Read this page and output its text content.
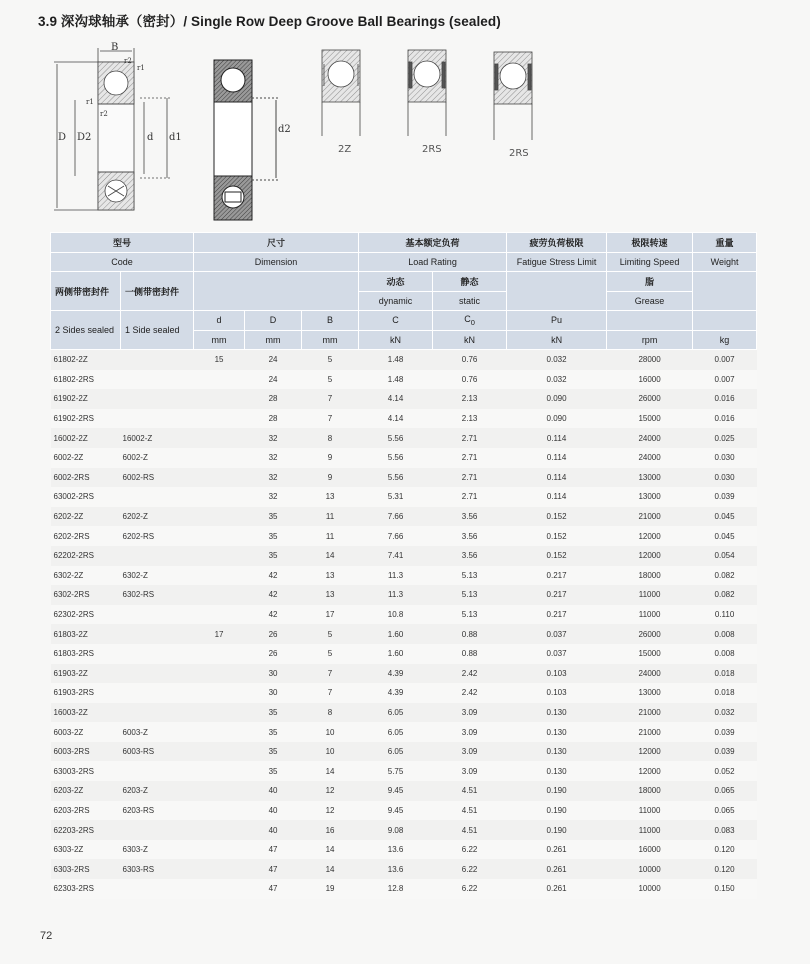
3.9 深沟球轴承（密封）/ Single Row Deep Groove Ball Bearings (sealed)
B
r2
r1
r1
r2
D D2	d d1
d2
2Z	2RS	2RS
型号		尺寸			基本额定负荷		疲劳负荷极限	极限转速	重量
Code		Dimension			Load Rating		Fatigue Stress Limit	Limiting Speed	Weight
两侧带密封件	一侧带密封件				动态	静态		脂	
					dynamic	static		Grease	
2 Sides sealed	1 Side sealed	d	D	B	C	$C_0$	Pu		
		mm	mm	mm	kN	kN	kN	rpm	kg
61802-2Z		15	24	5	1.48	0.76	0.032	28000	0.007
61802-2RS			24	5	1.48	0.76	0.032	16000	0.007
61902-2Z			28	7	4.14	2.13	0.090	26000	0.016
61902-2RS			28	7	4.14	2.13	0.090	15000	0.016
16002-2Z	16002-Z		32	8	5.56	2.71	0.114	24000	0.025
6002-2Z	6002-Z		32	9	5.56	2.71	0.114	24000	0.030
6002-2RS	6002-RS		32	9	5.56	2.71	0.114	13000	0.030
63002-2RS			32	13	5.31	2.71	0.114	13000	0.039
6202-2Z	6202-Z		35	11	7.66	3.56	0.152	21000	0.045
6202-2RS	6202-RS		35	11	7.66	3.56	0.152	12000	0.045
62202-2RS			35	14	7.41	3.56	0.152	12000	0.054
6302-2Z	6302-Z		42	13	11.3	5.13	0.217	18000	0.082
6302-2RS	6302-RS		42	13	11.3	5.13	0.217	11000	0.082
62302-2RS			42	17	10.8	5.13	0.217	11000	0.110
61803-2Z		17	26	5	1.60	0.88	0.037	26000	0.008
61803-2RS			26	5	1.60	0.88	0.037	15000	0.008
61903-2Z			30	7	4.39	2.42	0.103	24000	0.018
61903-2RS			30	7	4.39	2.42	0.103	13000	0.018
16003-2Z			35	8	6.05	3.09	0.130	21000	0.032
6003-2Z	6003-Z		35	10	6.05	3.09	0.130	21000	0.039
6003-2RS	6003-RS		35	10	6.05	3.09	0.130	12000	0.039
63003-2RS			35	14	5.75	3.09	0.130	12000	0.052
6203-2Z	6203-Z		40	12	9.45	4.51	0.190	18000	0.065
6203-2RS	6203-RS		40	12	9.45	4.51	0.190	11000	0.065
62203-2RS			40	16	9.08	4.51	0.190	11000	0.083
6303-2Z	6303-Z		47	14	13.6	6.22	0.261	16000	0.120
6303-2RS	6303-RS		47	14	13.6	6.22	0.261	10000	0.120
62303-2RS			47	19	12.8	6.22	0.261	10000	0.150
72
